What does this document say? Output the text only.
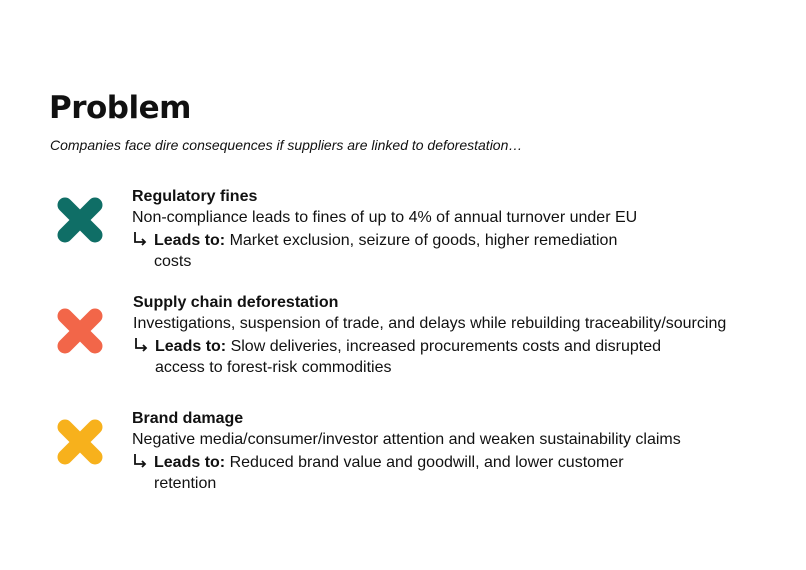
Problem
Companies face dire consequences if suppliers are linked to deforestation…
Regulatory fines
Non-compliance leads to fines of up to 4% of annual turnover under EU
Leads to: Market exclusion, seizure of goods, higher remediation costs
Supply chain deforestation
Investigations, suspension of trade, and delays while rebuilding traceability/sourcing
Leads to: Slow deliveries, increased procurements costs and disrupted access to forest-risk commodities
Brand damage
Negative media/consumer/investor attention and weaken sustainability claims
Leads to: Reduced brand value and goodwill, and lower customer retention
